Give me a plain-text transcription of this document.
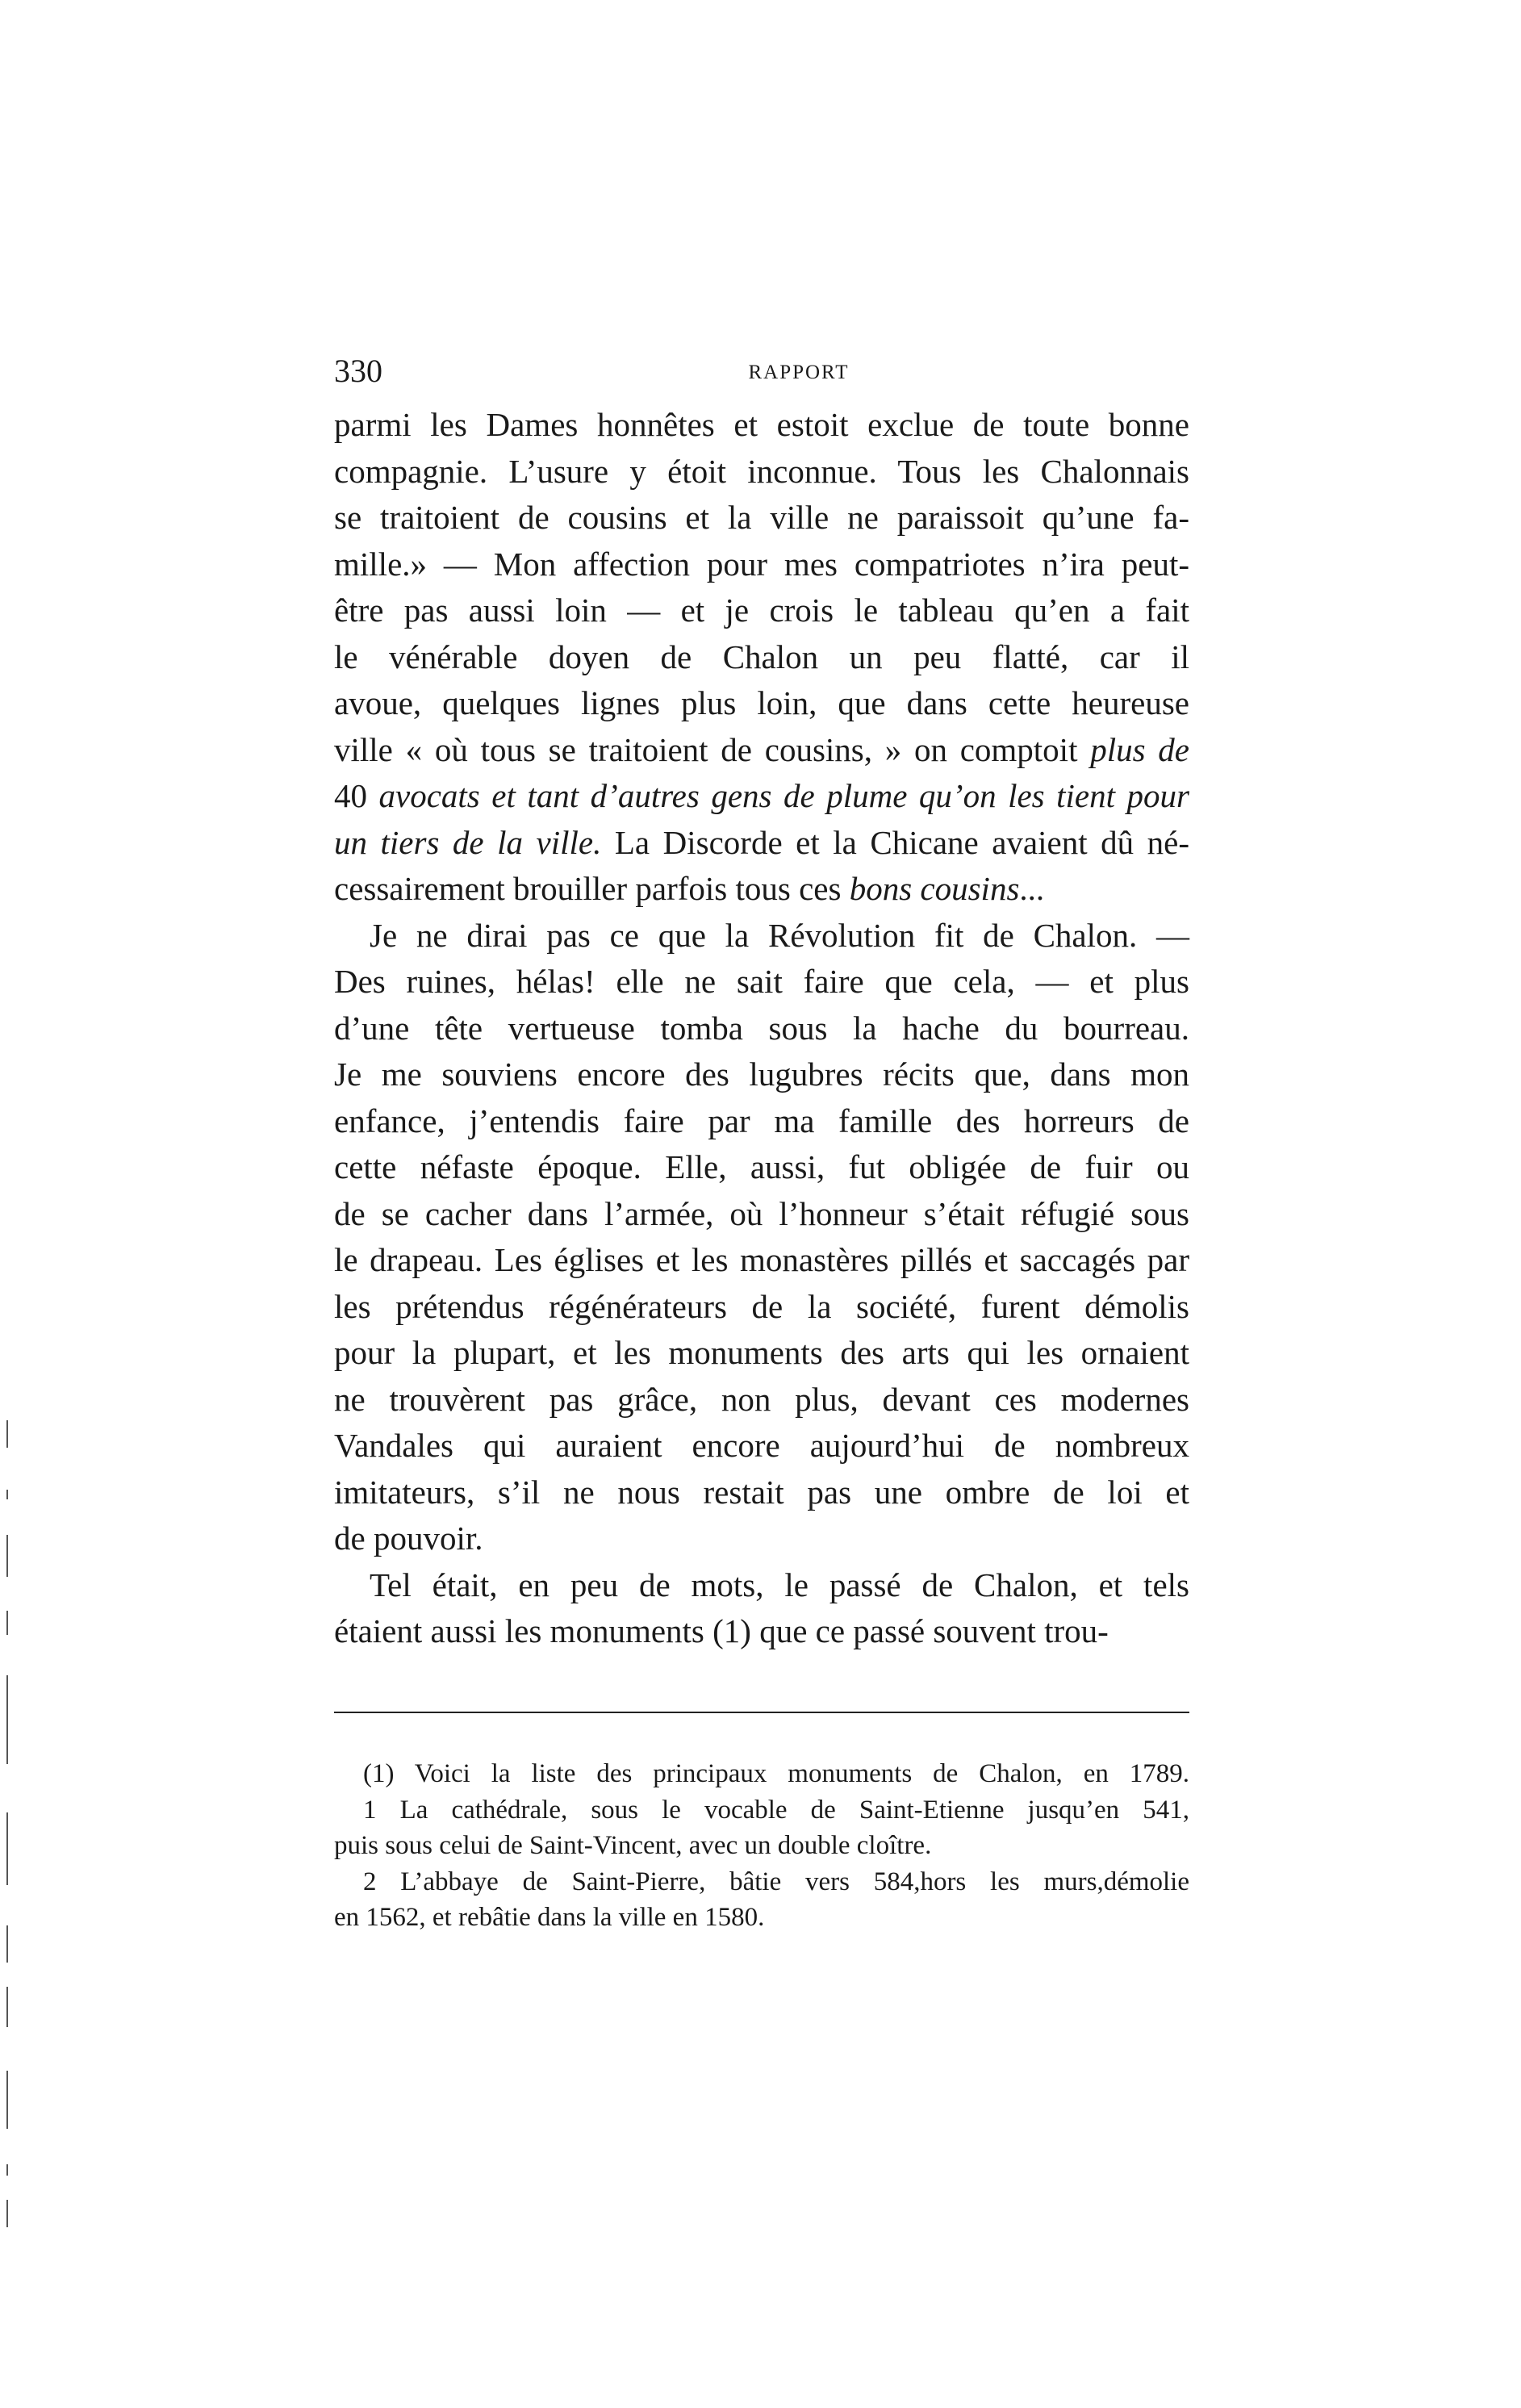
330	RAPPORT
parmi les Dames honnêtes et estoit exclue de toute bonne
compagnie. L’usure y étoit inconnue. Tous les Chalonnais
se traitoient de cousins et la ville ne paraissoit qu’une fa-
mille.» — Mon affection pour mes compatriotes n’ira peut-
être pas aussi loin — et je crois le tableau qu’en a fait
le vénérable doyen de Chalon un peu flatté, car il
avoue, quelques lignes plus loin, que dans cette heureuse
ville « où tous se traitoient de cousins, » on comptoit plus de
40 avocats et tant d’autres gens de plume qu’on les tient pour
un tiers de la ville. La Discorde et la Chicane avaient dû né-
cessairement brouiller parfois tous ces bons cousins...
Je ne dirai pas ce que la Révolution fit de Chalon. —
Des ruines, hélas! elle ne sait faire que cela, — et plus
d’une tête vertueuse tomba sous la hache du bourreau.
Je me souviens encore des lugubres récits que, dans mon
enfance, j’entendis faire par ma famille des horreurs de
cette néfaste époque. Elle, aussi, fut obligée de fuir ou
de se cacher dans l’armée, où l’honneur s’était réfugié sous
le drapeau. Les églises et les monastères pillés et saccagés par
les prétendus régénérateurs de la société, furent démolis
pour la plupart, et les monuments des arts qui les ornaient
ne trouvèrent pas grâce, non plus, devant ces modernes
Vandales qui auraient encore aujourd’hui de nombreux
imitateurs, s’il ne nous restait pas une ombre de loi et
de pouvoir.
Tel était, en peu de mots, le passé de Chalon, et tels
étaient aussi les monuments (1) que ce passé souvent trou-
(1) Voici la liste des principaux monuments de Chalon, en 1789.
1 La cathédrale, sous le vocable de Saint-Etienne jusqu’en 541,
puis sous celui de Saint-Vincent, avec un double cloître.
2 L’abbaye de Saint-Pierre, bâtie vers 584,hors les murs,démolie
en 1562, et rebâtie dans la ville en 1580.
